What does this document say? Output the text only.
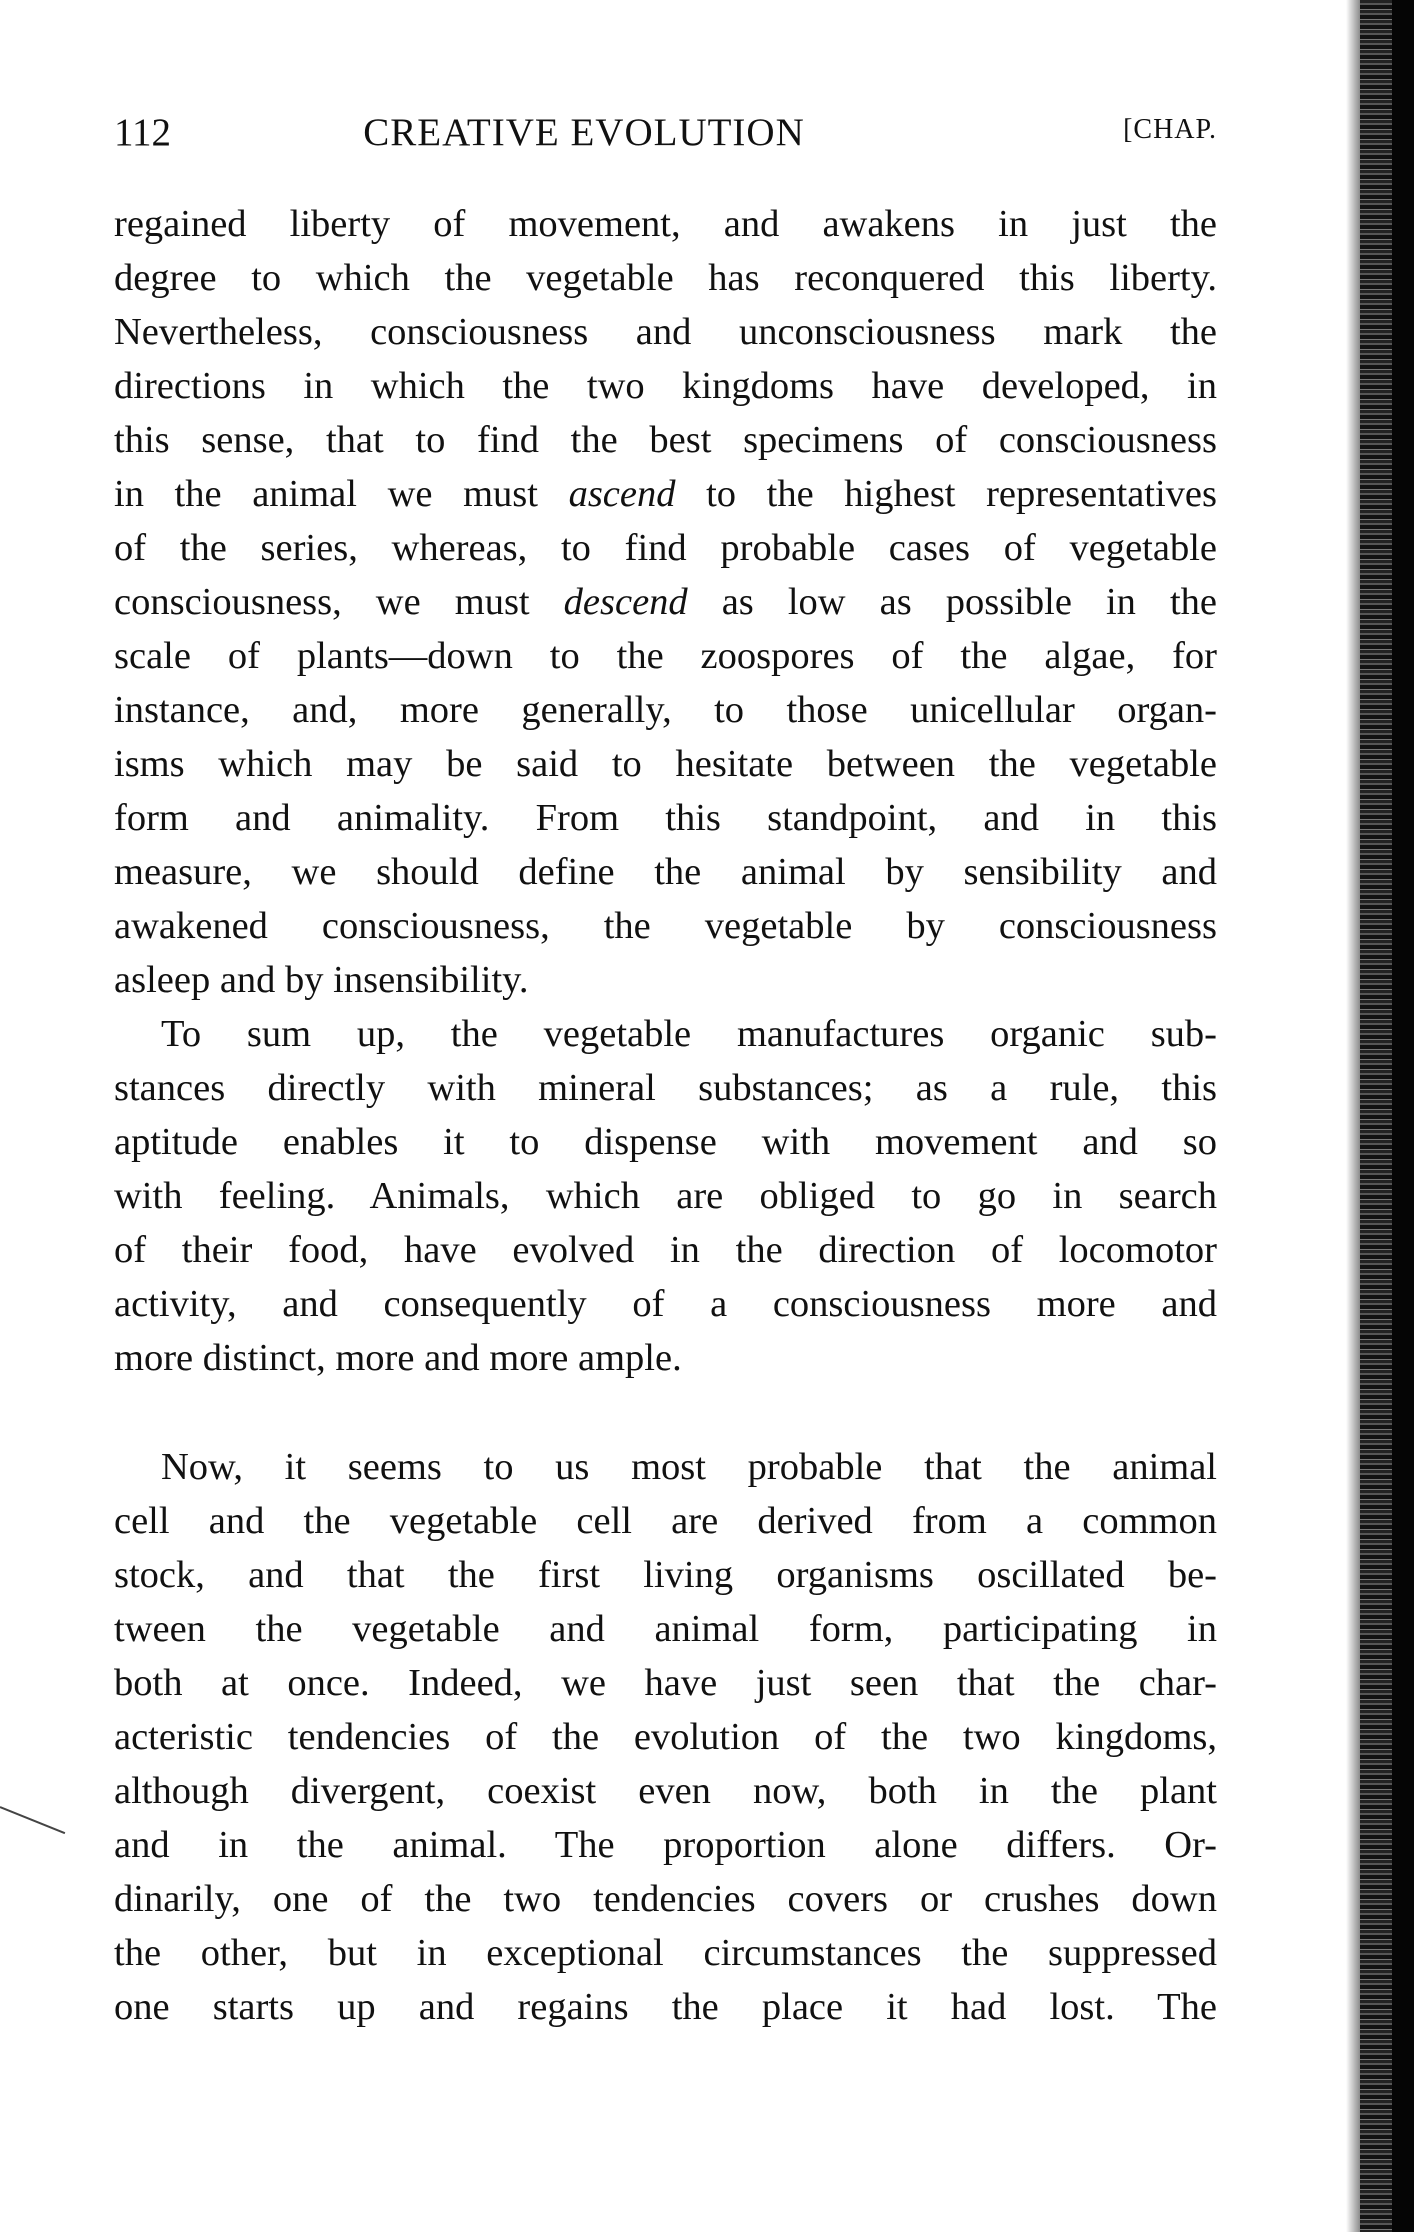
112	CREATIVE EVOLUTION	[CHAP.
regained liberty of movement, and awakens in just the
degree to which the vegetable has reconquered this liberty.
Nevertheless, consciousness and unconsciousness mark the
directions in which the two kingdoms have developed, in
this sense, that to find the best specimens of consciousness
in the animal we must ascend to the highest representatives
of the series, whereas, to find probable cases of vegetable
consciousness, we must descend as low as possible in the
scale of plants—down to the zoospores of the algae, for
instance, and, more generally, to those unicellular organ-
isms which may be said to hesitate between the vegetable
form and animality. From this standpoint, and in this
measure, we should define the animal by sensibility and
awakened consciousness, the vegetable by consciousness
asleep and by insensibility.
To sum up, the vegetable manufactures organic sub-
stances directly with mineral substances; as a rule, this
aptitude enables it to dispense with movement and so
with feeling. Animals, which are obliged to go in search
of their food, have evolved in the direction of locomotor
activity, and consequently of a consciousness more and
more distinct, more and more ample.
Now, it seems to us most probable that the animal
cell and the vegetable cell are derived from a common
stock, and that the first living organisms oscillated be-
tween the vegetable and animal form, participating in
both at once. Indeed, we have just seen that the char-
acteristic tendencies of the evolution of the two kingdoms,
although divergent, coexist even now, both in the plant
and in the animal. The proportion alone differs. Or-
dinarily, one of the two tendencies covers or crushes down
the other, but in exceptional circumstances the suppressed
one starts up and regains the place it had lost. The
